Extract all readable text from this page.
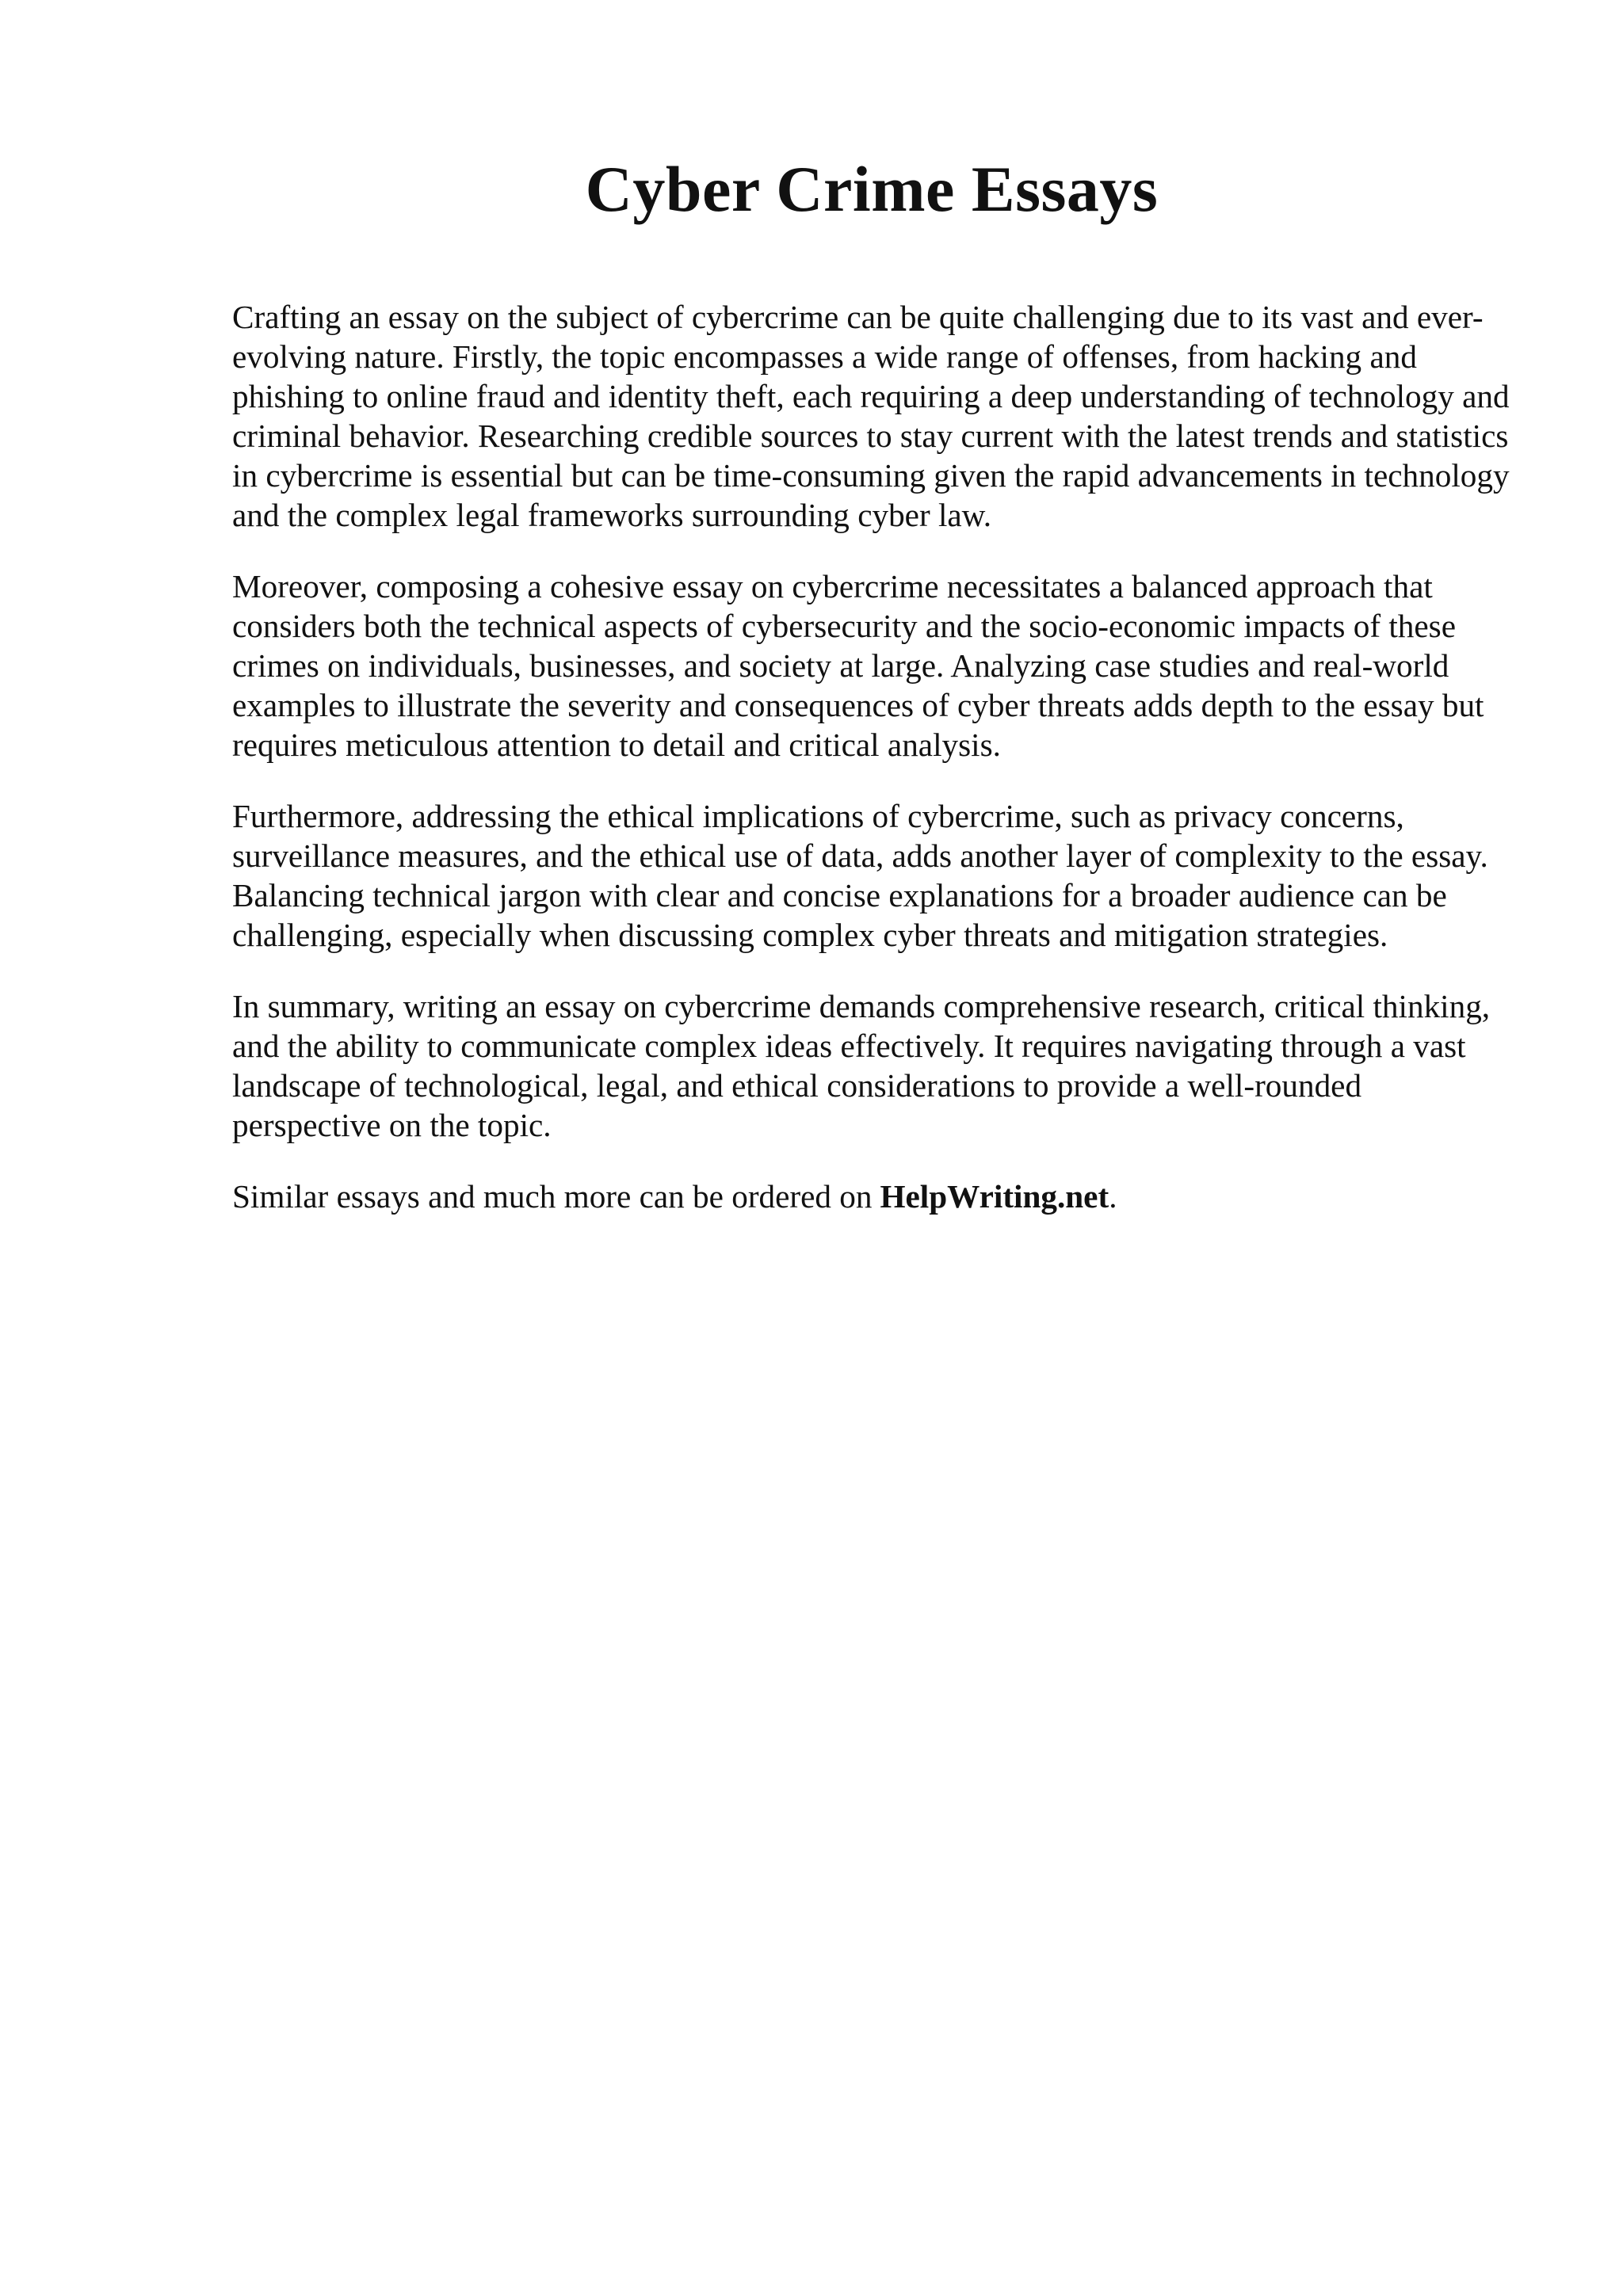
Cyber Crime Essays

Crafting an essay on the subject of cybercrime can be quite challenging due to its vast and ever-evolving nature. Firstly, the topic encompasses a wide range of offenses, from hacking and phishing to online fraud and identity theft, each requiring a deep understanding of technology and criminal behavior. Researching credible sources to stay current with the latest trends and statistics in cybercrime is essential but can be time-consuming given the rapid advancements in technology and the complex legal frameworks surrounding cyber law.

Moreover, composing a cohesive essay on cybercrime necessitates a balanced approach that considers both the technical aspects of cybersecurity and the socio-economic impacts of these crimes on individuals, businesses, and society at large. Analyzing case studies and real-world examples to illustrate the severity and consequences of cyber threats adds depth to the essay but requires meticulous attention to detail and critical analysis.

Furthermore, addressing the ethical implications of cybercrime, such as privacy concerns, surveillance measures, and the ethical use of data, adds another layer of complexity to the essay. Balancing technical jargon with clear and concise explanations for a broader audience can be challenging, especially when discussing complex cyber threats and mitigation strategies.

In summary, writing an essay on cybercrime demands comprehensive research, critical thinking, and the ability to communicate complex ideas effectively. It requires navigating through a vast landscape of technological, legal, and ethical considerations to provide a well-rounded perspective on the topic.

Similar essays and much more can be ordered on HelpWriting.net.
